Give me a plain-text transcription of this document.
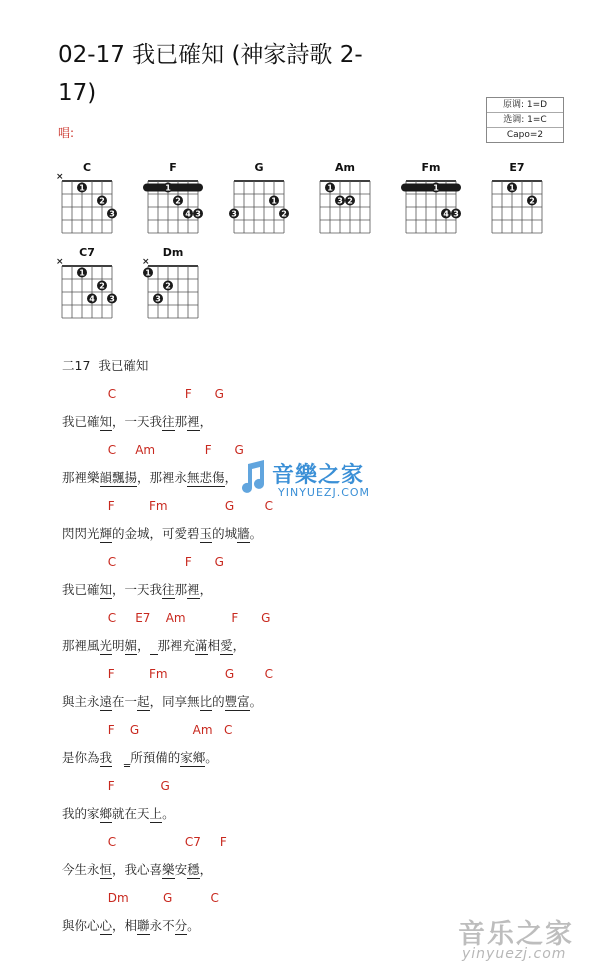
02-17 我已確知 (神家詩歌 2-17)
唱:
原调: 1=D
选调: 1=C
Capo=2
C
×
1
2
3
F
1
2
4 3
G
2
1
3
Am
1
2
3
Fm
1
4 3
E7
1
2
C7
×
1
2
3
4
Dm
×
1
2
3
二17  我已確知
C                  F      G
我已確知，一天我往那裡，
C     Am             F      G
那裡樂韻飄揚，那裡永無悲傷，
F         Fm               G        C
閃閃光輝的金城，可愛碧玉的城牆。
C                  F      G
我已確知，一天我往那裡，
C     E7    Am            F      G
那裡風光明媚， 那裡充滿相愛，
F         Fm               G        C
與主永遠在一起，同享無比的豐富。
F    G              Am   C
是你為我 _所預備的家鄉。
F            G
我的家鄉就在天上。
C                  C7     F
今生永恒，我心喜樂安穩，
Dm         G          C
與你心心，相聯永不分。
音樂之家
YINYUEZJ.COM
音乐之家
yinyuezj.com
